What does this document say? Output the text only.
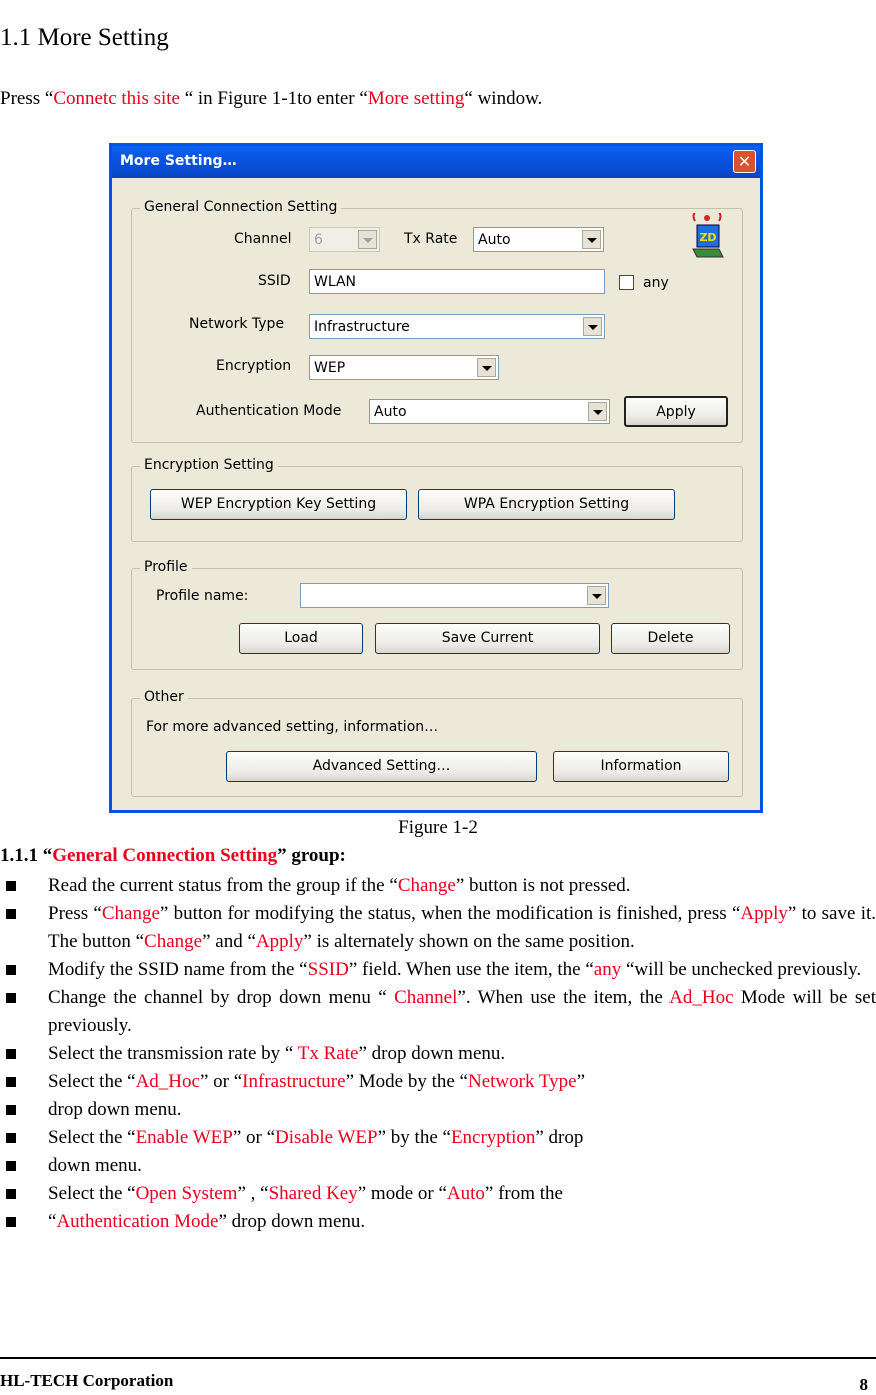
1.1 More Setting
Press “Connetc this site “ in Figure 1-1to enter “More setting“ window.
More Setting…	✕
General Connection Setting
Channel 6	Tx Rate Auto	ZD
SSID WLAN	any
Network Type Infrastructure
Encryption WEP
Authentication Mode Auto	Apply
Encryption Setting
WEP Encryption Key Setting	WPA Encryption Setting
Profile
Profile name:
Load	Save Current	Delete
Other
For more advanced setting, information…
Advanced Setting…	Information
Figure 1-2
1.1.1 “General Connection Setting” group:
Read the current status from the group if the “Change” button is not pressed.
Press “Change” button for modifying the status, when the modification is finished, press “Apply” to save it. The button “Change” and “Apply” is alternately shown on the same position.
Modify the SSID name from the “SSID” field. When use the item, the “any “will be unchecked previously.
Change the channel by drop down menu “ Channel”. When use the item, the Ad_Hoc Mode will be set previously.
Select the transmission rate by “ Tx Rate” drop down menu.
Select the “Ad_Hoc” or “Infrastructure” Mode by the “Network Type”
drop down menu.
Select the “Enable WEP” or “Disable WEP” by the “Encryption” drop
down menu.
Select the “Open System” , “Shared Key” mode or “Auto” from the
“Authentication Mode” drop down menu.
HL-TECH Corporation	8
